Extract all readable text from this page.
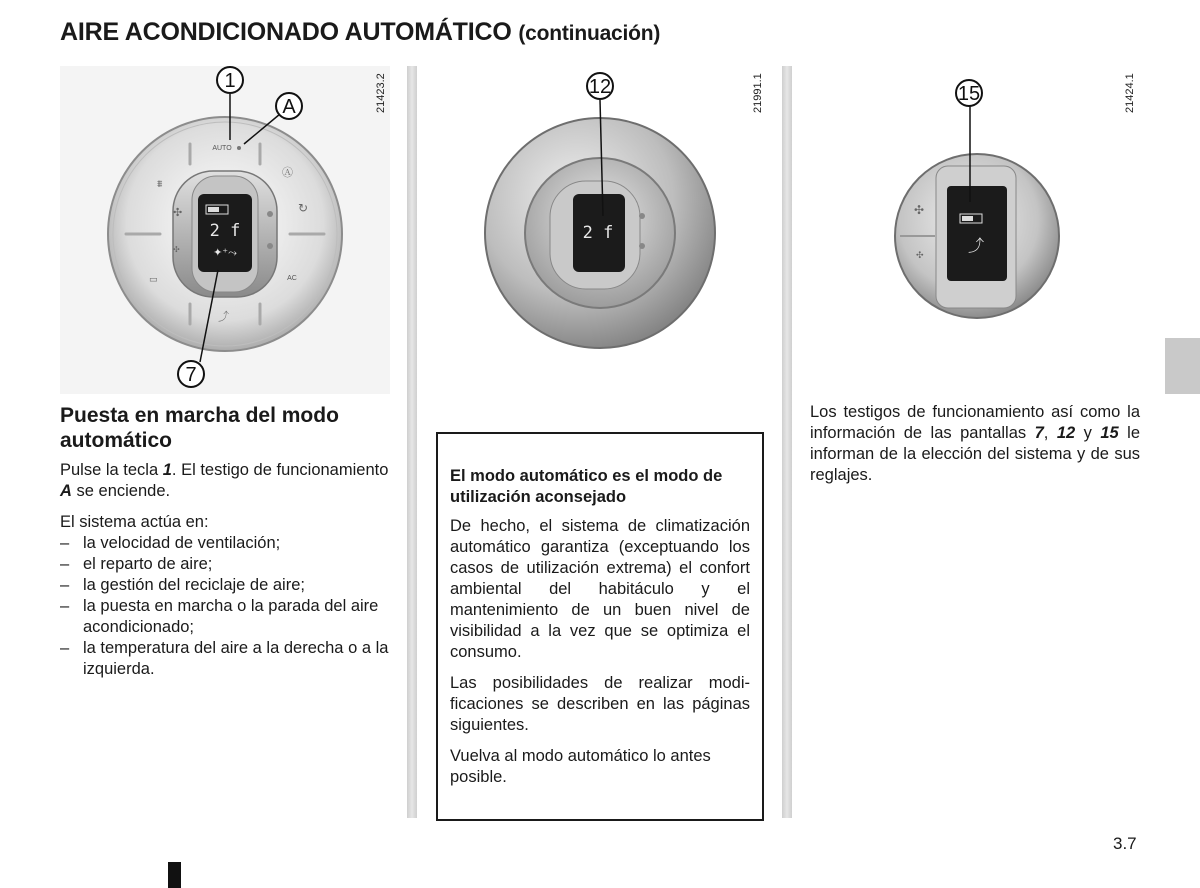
AIRE ACONDICIONADO AUTOMÁTICO (continuación)
2 f
✦⁺⤳
AUTO
AC
⩩
✣
✣
▭
Ⓐ
↻
⤴
1
A
7
21423.2
2 f
12	21991.1
⤴
✣
✣
15	21424.1
Puesta en marcha del modo automático

Pulse la tecla 1. El testigo de funcionamiento A se enciende.

El sistema actúa en:
– la velocidad de ventilación;
– el reparto de aire;
– la gestión del reciclaje de aire;
– la puesta en marcha o la parada del aire acondicionado;
– la temperatura del aire a la derecha o a la izquierda.
El modo automático es el modo de utilización aconsejado

De hecho, el sistema de climatización automático garantiza (exceptuando los casos de utilización extrema) el confort ambiental del habitáculo y el mantenimiento de un buen nivel de visibilidad a la vez que se optimiza el consumo.

Las posibilidades de realizar modificaciones se describen en las páginas siguientes.

Vuelva al modo automático lo antes posible.

Los testigos de funcionamiento así como la información de las pantallas 7, 12 y 15 le informan de la elección del sistema y de sus reglajes.
3.7
